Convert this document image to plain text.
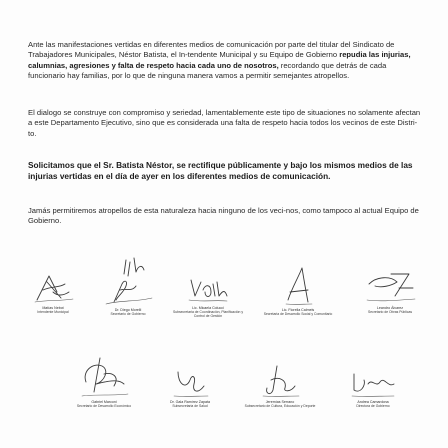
Ante las manifestaciones vertidas en diferentes medios de comunicación por parte del titular del Sindicato de Trabajadores Municipales, Néstor Batista, el In-tendente Municipal y su Equipo de Gobierno repudia las injurias, calumnias, agresiones y falta de respeto hacia cada uno de nosotros, recordando que detrás de cada funcionario hay familias, por lo que de ninguna manera vamos a permitir semejantes atropellos.

El dialogo se construye con compromiso y seriedad, lamentablemente este tipo de situaciones no solamente afectan a este Departamento Ejecutivo, sino que es considerada una falta de respeto hacia todos los vecinos de este Distri-to.

Solicitamos que el Sr. Batista Néstor, se rectifique públicamente y bajo los mismos medios de las injurias vertidas en el día de ayer en los diferentes medios de comunicación.

Jamás permitiremos atropellos de esta naturaleza hacia ninguno de los veci-nos, como tampoco al actual Equipo de Gobierno.

Matías Nebot
Intendente Municipal
Dr. Diego Morelli
Secretario de Gobierno
Lic. Micaela Colucci
Subsecretaria de Coordinación, Planificación y Control de Gestión
Lic. Florella Calmels
Secretaria de Desarrollo Social y Comunitario
Leandro Álvarez
Secretario de Obras Públicas
Gabriel Marconi
Secretario de Desarrollo Económico
Dr. Gala Ramírez Zapata
Subsecretaria de Salud
Jeremías Serrano
Subsecretario de Cultura, Educación y Deporte
Andrea Camardona
Directora de Gobierno
